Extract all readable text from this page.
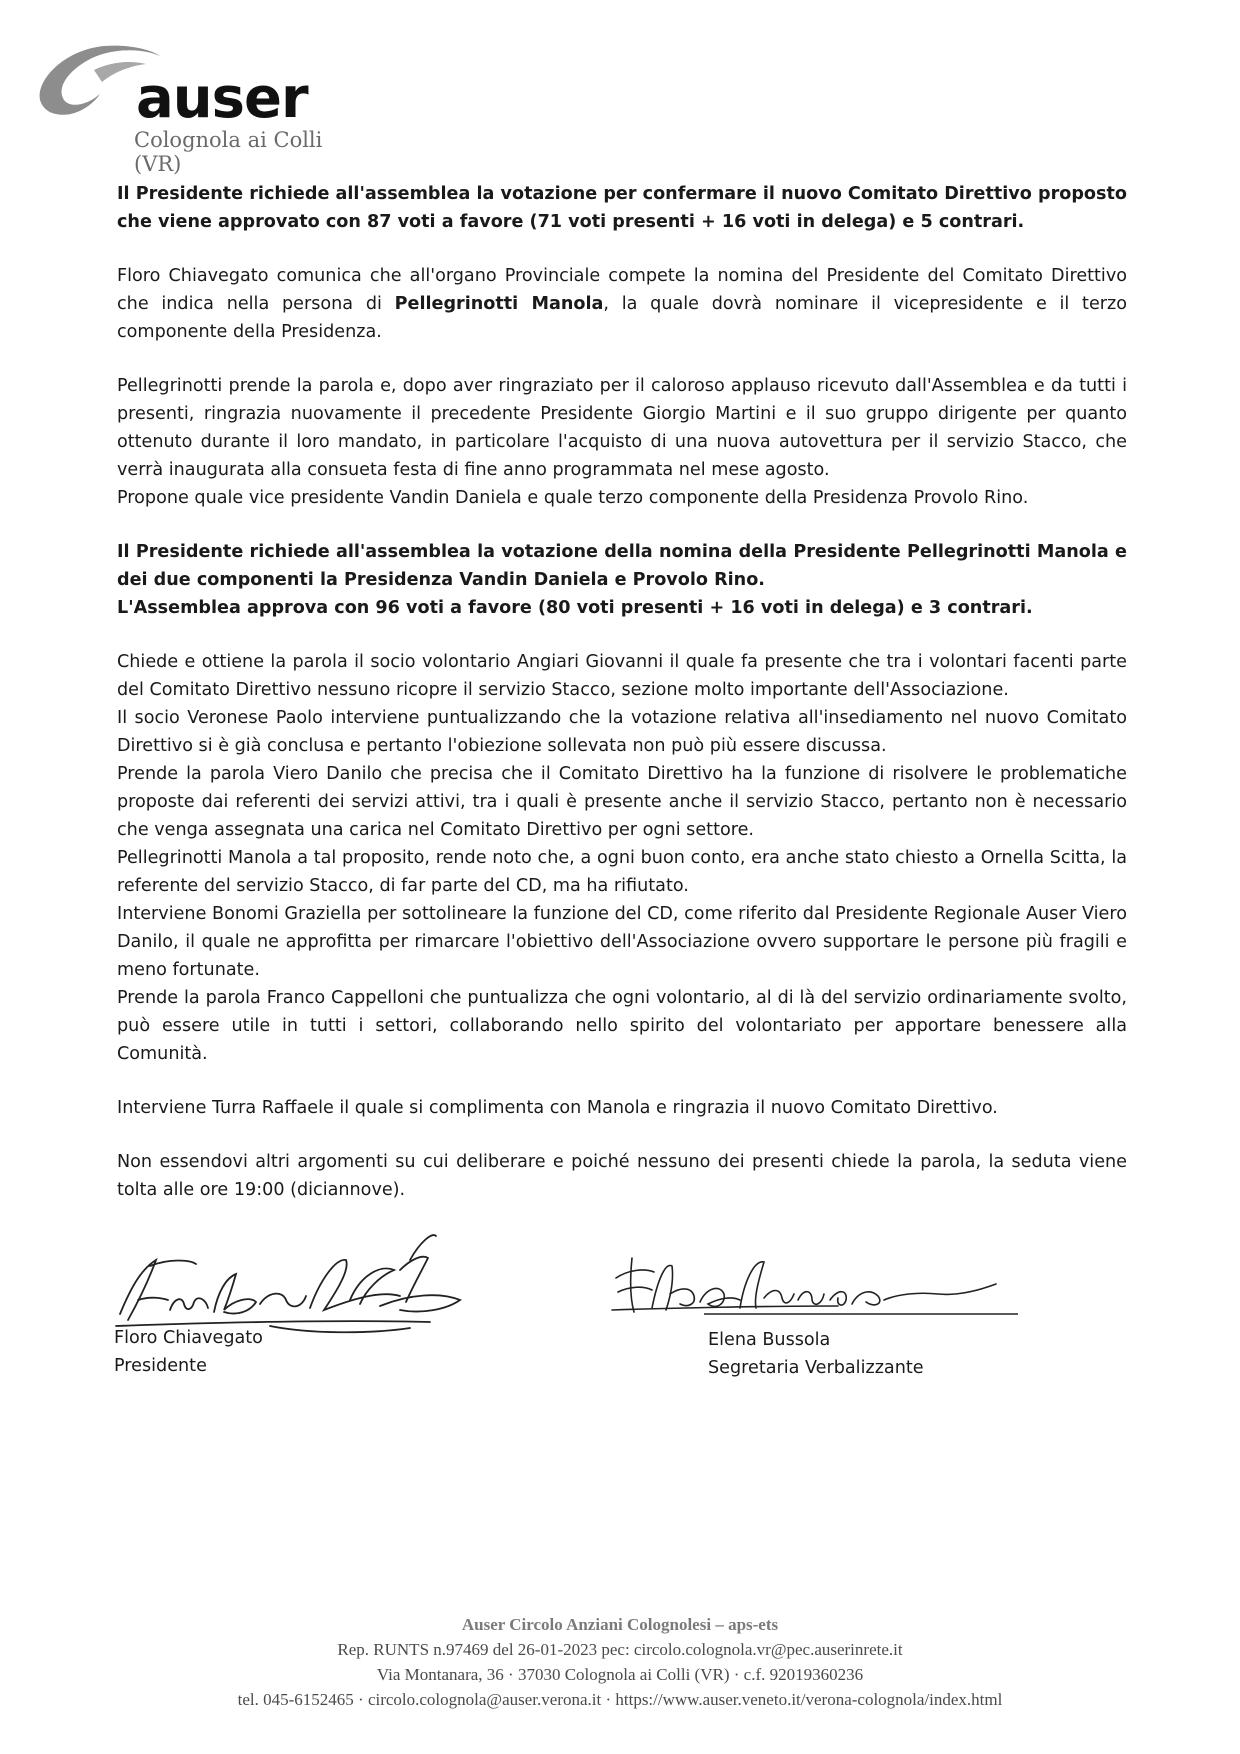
auser
Colognola ai Colli (VR)

Il Presidente richiede all'assemblea la votazione per confermare il nuovo Comitato Direttivo proposto che viene approvato con 87 voti a favore (71 voti presenti + 16 voti in delega) e 5 contrari.

Floro Chiavegato comunica che all'organo Provinciale compete la nomina del Presidente del Comitato Direttivo che indica nella persona di Pellegrinotti Manola, la quale dovrà nominare il vicepresidente e il terzo componente della Presidenza.

Pellegrinotti prende la parola e, dopo aver ringraziato per il caloroso applauso ricevuto dall'Assemblea e da tutti i presenti, ringrazia nuovamente il precedente Presidente Giorgio Martini e il suo gruppo dirigente per quanto ottenuto durante il loro mandato, in particolare l'acquisto di una nuova autovettura per il servizio Stacco, che verrà inaugurata alla consueta festa di fine anno programmata nel mese agosto.

Propone quale vice presidente Vandin Daniela e quale terzo componente della Presidenza Provolo Rino.

Il Presidente richiede all'assemblea la votazione della nomina della Presidente Pellegrinotti Manola e dei due componenti la Presidenza Vandin Daniela e Provolo Rino.

L'Assemblea approva con 96 voti a favore (80 voti presenti + 16 voti in delega) e 3 contrari.

Chiede e ottiene la parola il socio volontario Angiari Giovanni il quale fa presente che tra i volontari facenti parte del Comitato Direttivo nessuno ricopre il servizio Stacco, sezione molto importante dell'Associazione.

Il socio Veronese Paolo interviene puntualizzando che la votazione relativa all'insediamento nel nuovo Comitato Direttivo si è già conclusa e pertanto l'obiezione sollevata non può più essere discussa.

Prende la parola Viero Danilo che precisa che il Comitato Direttivo ha la funzione di risolvere le problematiche proposte dai referenti dei servizi attivi, tra i quali è presente anche il servizio Stacco, pertanto non è necessario che venga assegnata una carica nel Comitato Direttivo per ogni settore.

Pellegrinotti Manola a tal proposito, rende noto che, a ogni buon conto, era anche stato chiesto a Ornella Scitta, la referente del servizio Stacco, di far parte del CD, ma ha rifiutato.

Interviene Bonomi Graziella per sottolineare la funzione del CD, come riferito dal Presidente Regionale Auser Viero Danilo, il quale ne approfitta per rimarcare l'obiettivo dell'Associazione ovvero supportare le persone più fragili e meno fortunate.

Prende la parola Franco Cappelloni che puntualizza che ogni volontario, al di là del servizio ordinariamente svolto, può essere utile in tutti i settori, collaborando nello spirito del volontariato per apportare benessere alla Comunità.

Interviene Turra Raffaele il quale si complimenta con Manola e ringrazia il nuovo Comitato Direttivo.

Non essendovi altri argomenti su cui deliberare e poiché nessuno dei presenti chiede la parola, la seduta viene tolta alle ore 19:00 (diciannove).

Floro Chiavegato
Presidente
Elena Bussola
Segretaria Verbalizzante
Auser Circolo Anziani Colognolesi – aps-ets
Rep. RUNTS n.97469 del 26-01-2023 pec: circolo.colognola.vr@pec.auserinrete.it
Via Montanara, 36 · 37030 Colognola ai Colli (VR) · c.f. 92019360236
tel. 045-6152465 · circolo.colognola@auser.verona.it · https://www.auser.veneto.it/verona-colognola/index.html
